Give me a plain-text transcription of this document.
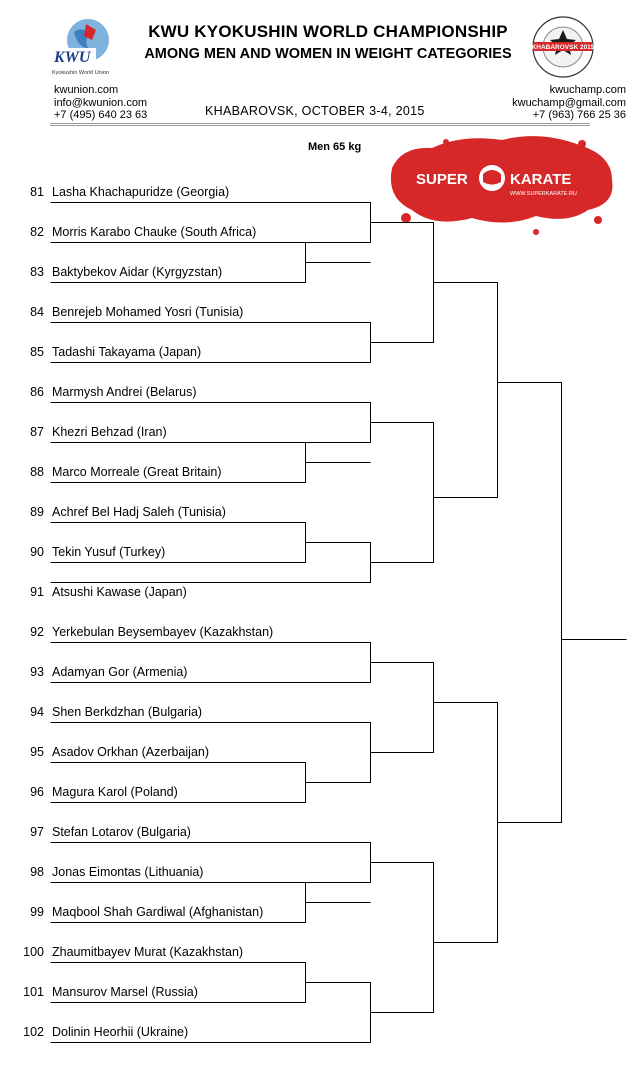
KWU
Kyokushin World Union
KWU KYOKUSHIN WORLD CHAMPIONSHIP
AMONG MEN AND WOMEN IN WEIGHT CATEGORIES	KHABAROVSK 2015
kwunion.com
info@kwunion.com
+7 (495) 640 23 63	KHABAROVSK, OCTOBER 3-4, 2015
kwuchamp.com
kwuchamp@gmail.com
+7 (963) 766 25 36
Men 65 kg
SUPER	KARATE
WWW.SUPERKARATE.RU
81 Lasha Khachapuridze (Georgia)
82 Morris Karabo Chauke (South Africa)
83 Baktybekov Aidar (Kyrgyzstan)
84 Benrejeb Mohamed Yosri (Tunisia)
85 Tadashi Takayama (Japan)
86 Marmysh Andrei (Belarus)
87 Khezri Behzad (Iran)
88 Marco Morreale (Great Britain)
89 Achref Bel Hadj Saleh (Tunisia)
90 Tekin Yusuf (Turkey)
91 Atsushi Kawase (Japan)
92 Yerkebulan Beysembayev (Kazakhstan)
93 Adamyan Gor (Armenia)
94 Shen Berkdzhan (Bulgaria)
95 Asadov Orkhan (Azerbaijan)
96 Magura Karol (Poland)
97 Stefan Lotarov (Bulgaria)
98 Jonas Eimontas (Lithuania)
99 Maqbool Shah Gardiwal (Afghanistan)
100 Zhaumitbayev Murat (Kazakhstan)
101 Mansurov Marsel (Russia)
102 Dolinin Heorhii (Ukraine)
